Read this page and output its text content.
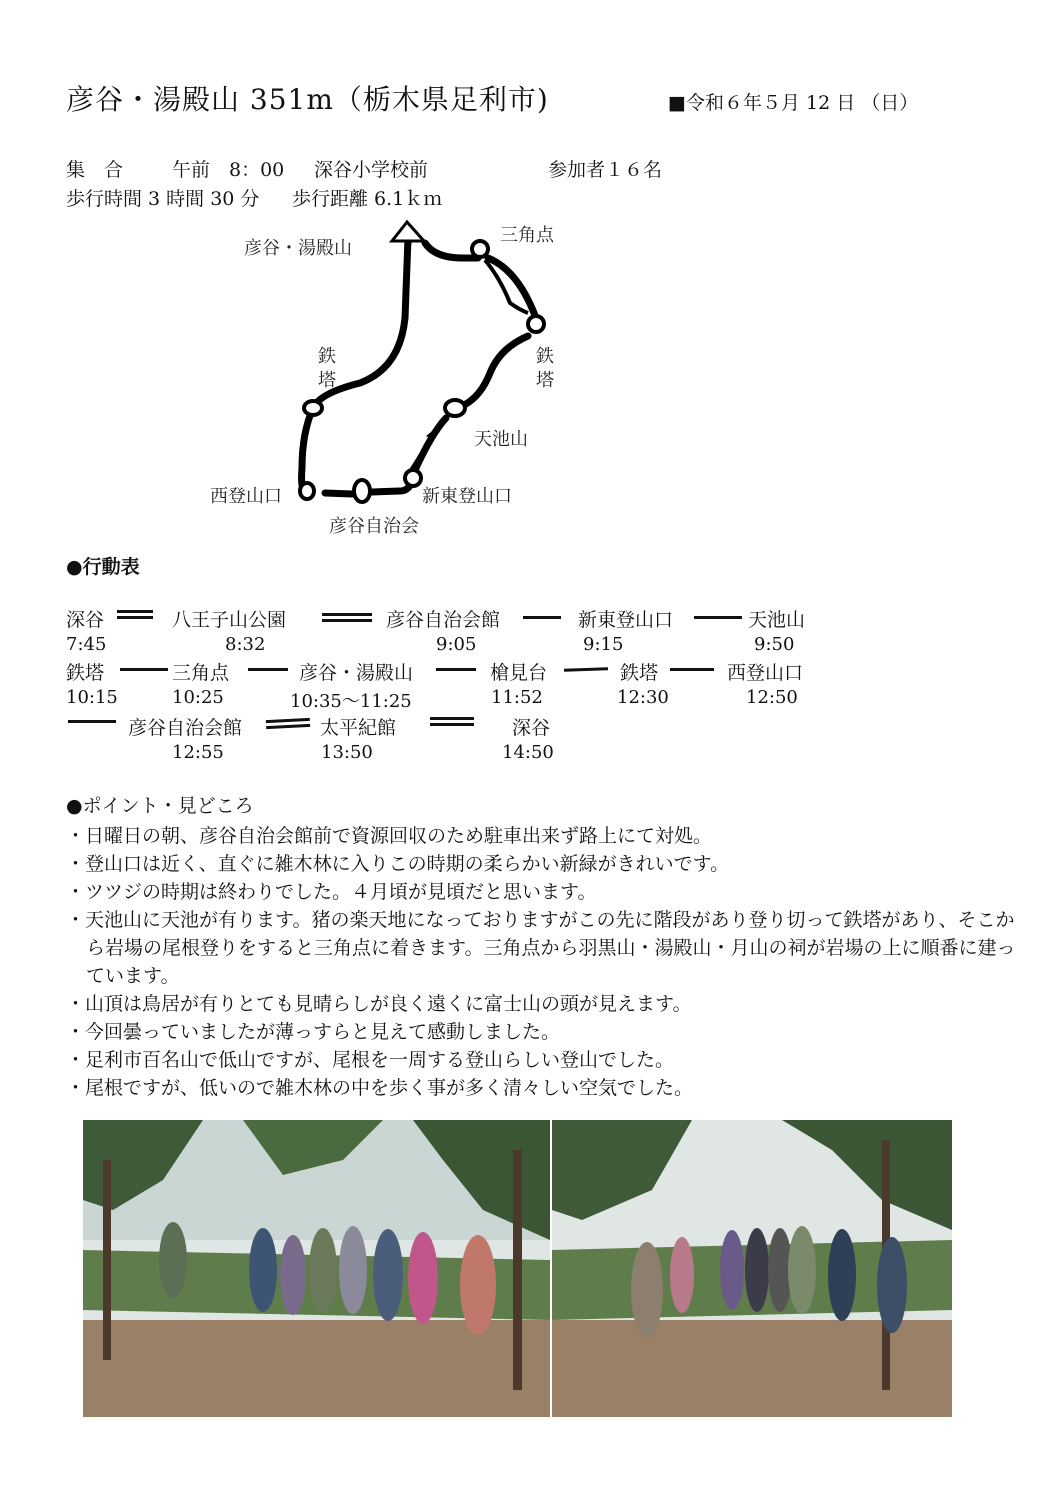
彦谷・湯殿山 351m（栃木県足利市)	■令和６年５月 12 日 （日）
集　合	午前　8：00 深谷小学校前	参加者１６名
歩行時間 3 時間 30 分 歩行距離 6.1ｋｍ
彦谷・湯殿山
三角点
鉄
塔
鉄
塔
天池山
西登山口	新東登山口
彦谷自治会
●行動表
深谷	八王子山公園	彦谷自治会館	新東登山口	天池山
7:45	8:32	9:05	9:15	9:50
鉄塔	三角点	彦谷・湯殿山	槍見台	鉄塔	西登山口
10:15	10:25	10:35～11:25	11:52	12:30	12:50
彦谷自治会館	太平紀館	深谷
12:55	13:50	14:50
●ポイント・見どころ
・日曜日の朝、彦谷自治会館前で資源回収のため駐車出来ず路上にて対処。
・登山口は近く、直ぐに雑木林に入りこの時期の柔らかい新緑がきれいです。
・ツツジの時期は終わりでした。４月頃が見頃だと思います。
・天池山に天池が有ります。猪の楽天地になっておりますがこの先に階段があり登り切って鉄塔があり、そこから岩場の尾根登りをすると三角点に着きます。三角点から羽黒山・湯殿山・月山の祠が岩場の上に順番に建っています。
・山頂は鳥居が有りとても見晴らしが良く遠くに富士山の頭が見えます。
・今回曇っていましたが薄っすらと見えて感動しました。
・足利市百名山で低山ですが、尾根を一周する登山らしい登山でした。
・尾根ですが、低いので雑木林の中を歩く事が多く清々しい空気でした。
